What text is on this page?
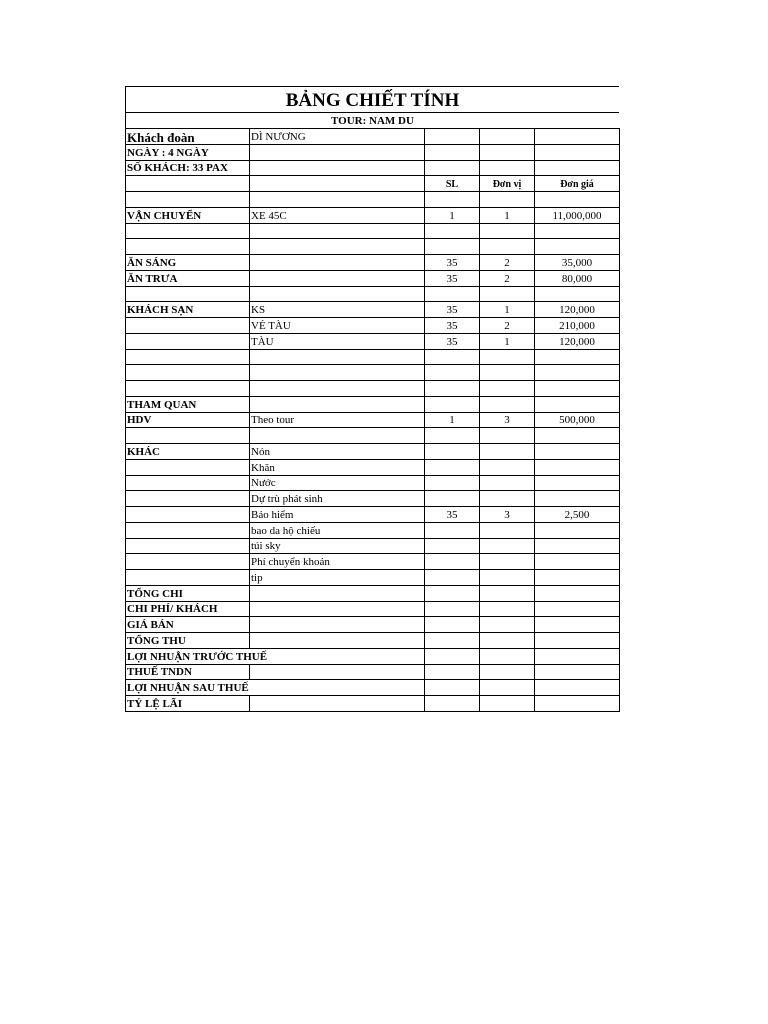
BẢNG CHIẾT TÍNH
TOUR: NAM DU
Khách đoàn	DÌ NƯƠNG			
NGÀY : 4 NGÀY				
SỐ KHÁCH: 33 PAX				
		SL	Đơn vị	Đơn giá

VẬN CHUYỂN	XE 45C	1	1	11,000,000

ĂN SÁNG		35	2	35,000
ĂN TRƯA		35	2	80,000

KHÁCH SẠN	KS	35	1	120,000
	VÉ TÀU	35	2	210,000
	TÀU	35	1	120,000

THAM QUAN				
HDV	Theo tour	1	3	500,000

KHÁC	Nón			
	Khăn			
	Nước			
	Dự trù phát sinh			
	Bảo hiểm	35	3	2,500
	bao da hộ chiếu			
	túi sky			
	Phí chuyển khoản			
	tip			
TỔNG CHI				
CHI PHÍ/ KHÁCH				
GIÁ BÁN				
TỔNG THU				
LỢI NHUẬN TRƯỚC THUẾ				
THUẾ TNDN				
LỢI NHUẬN SAU THUẾ				
TỶ LỆ LÃI				
